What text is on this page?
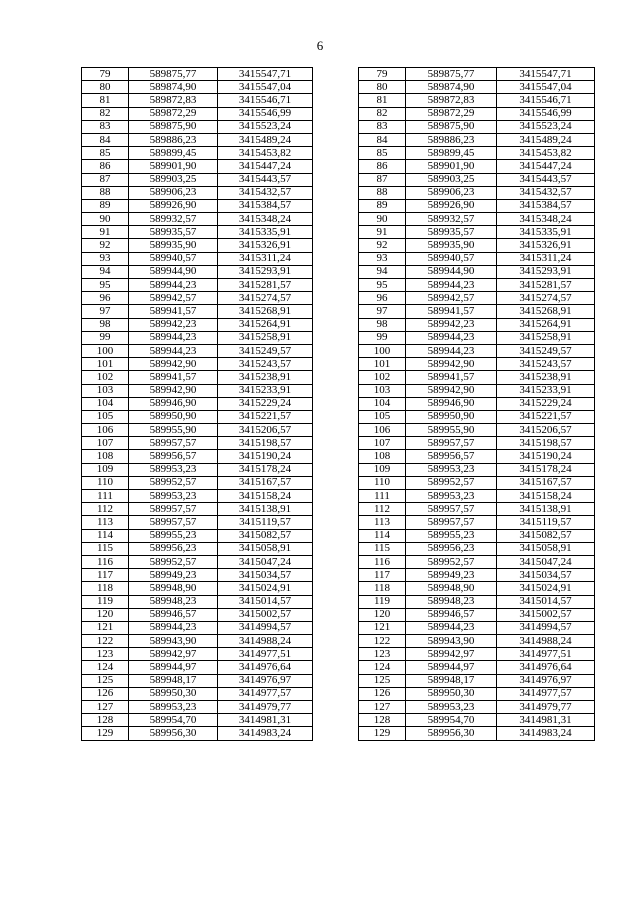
6
79	589875,77	3415547,71
80	589874,90	3415547,04
81	589872,83	3415546,71
82	589872,29	3415546,99
83	589875,90	3415523,24
84	589886,23	3415489,24
85	589899,45	3415453,82
86	589901,90	3415447,24
87	589903,25	3415443,57
88	589906,23	3415432,57
89	589926,90	3415384,57
90	589932,57	3415348,24
91	589935,57	3415335,91
92	589935,90	3415326,91
93	589940,57	3415311,24
94	589944,90	3415293,91
95	589944,23	3415281,57
96	589942,57	3415274,57
97	589941,57	3415268,91
98	589942,23	3415264,91
99	589944,23	3415258,91
100	589944,23	3415249,57
101	589942,90	3415243,57
102	589941,57	3415238,91
103	589942,90	3415233,91
104	589946,90	3415229,24
105	589950,90	3415221,57
106	589955,90	3415206,57
107	589957,57	3415198,57
108	589956,57	3415190,24
109	589953,23	3415178,24
110	589952,57	3415167,57
111	589953,23	3415158,24
112	589957,57	3415138,91
113	589957,57	3415119,57
114	589955,23	3415082,57
115	589956,23	3415058,91
116	589952,57	3415047,24
117	589949,23	3415034,57
118	589948,90	3415024,91
119	589948,23	3415014,57
120	589946,57	3415002,57
121	589944,23	3414994,57
122	589943,90	3414988,24
123	589942,97	3414977,51
124	589944,97	3414976,64
125	589948,17	3414976,97
126	589950,30	3414977,57
127	589953,23	3414979,77
128	589954,70	3414981,31
129	589956,30	3414983,24
79	589875,77	3415547,71
80	589874,90	3415547,04
81	589872,83	3415546,71
82	589872,29	3415546,99
83	589875,90	3415523,24
84	589886,23	3415489,24
85	589899,45	3415453,82
86	589901,90	3415447,24
87	589903,25	3415443,57
88	589906,23	3415432,57
89	589926,90	3415384,57
90	589932,57	3415348,24
91	589935,57	3415335,91
92	589935,90	3415326,91
93	589940,57	3415311,24
94	589944,90	3415293,91
95	589944,23	3415281,57
96	589942,57	3415274,57
97	589941,57	3415268,91
98	589942,23	3415264,91
99	589944,23	3415258,91
100	589944,23	3415249,57
101	589942,90	3415243,57
102	589941,57	3415238,91
103	589942,90	3415233,91
104	589946,90	3415229,24
105	589950,90	3415221,57
106	589955,90	3415206,57
107	589957,57	3415198,57
108	589956,57	3415190,24
109	589953,23	3415178,24
110	589952,57	3415167,57
111	589953,23	3415158,24
112	589957,57	3415138,91
113	589957,57	3415119,57
114	589955,23	3415082,57
115	589956,23	3415058,91
116	589952,57	3415047,24
117	589949,23	3415034,57
118	589948,90	3415024,91
119	589948,23	3415014,57
120	589946,57	3415002,57
121	589944,23	3414994,57
122	589943,90	3414988,24
123	589942,97	3414977,51
124	589944,97	3414976,64
125	589948,17	3414976,97
126	589950,30	3414977,57
127	589953,23	3414979,77
128	589954,70	3414981,31
129	589956,30	3414983,24
